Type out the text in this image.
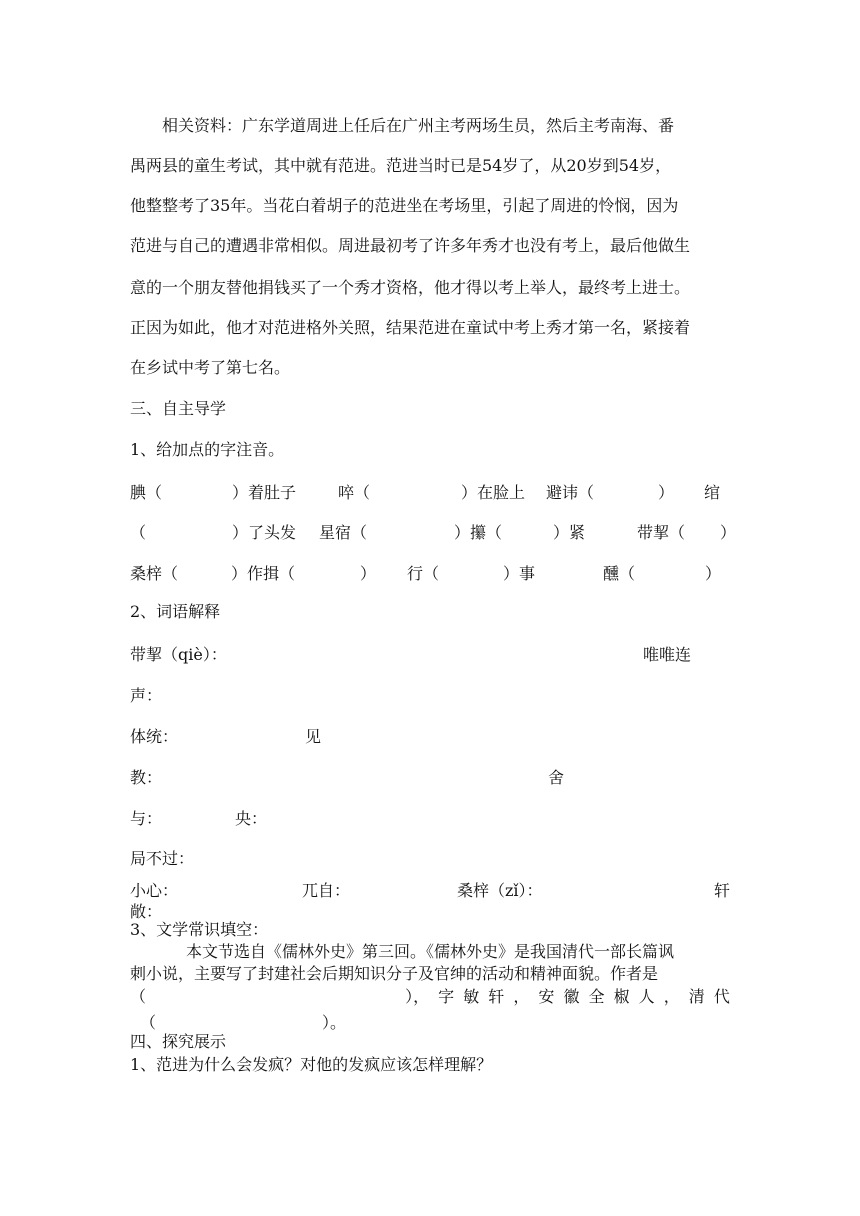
相关资料：广东学道周进上任后在广州主考两场生员，然后主考南海、番
禺两县的童生考试，其中就有范进。范进当时已是54岁了，从20岁到54岁，
他整整考了35年。当花白着胡子的范进坐在考场里，引起了周进的怜悯，因为
范进与自己的遭遇非常相似。周进最初考了许多年秀才也没有考上，最后他做生
意的一个朋友替他捐钱买了一个秀才资格，他才得以考上举人，最终考上进士。
正因为如此，他才对范进格外关照，结果范进在童试中考上秀才第一名，紧接着
在乡试中考了第七名。
三、自主导学
1、给加点的字注音。
腆（	）着肚子	啐（	）在脸上 避讳（	） 绾
（	）了头发 星宿（	）攥（	）紧	带挈（ ）
桑梓（	）作揖（	） 行（	）事	醺（	）
2、词语解释
带挈（qiè）：	唯唯连
声：
体统：	见
教：	舍
与：	央：
局不过：
小心：	兀自：	桑梓（zǐ）：	轩
敞：
3、文学常识填空：
本文节选自《儒林外史》第三回。《儒林外史》是我国清代一部长篇讽
刺小说，主要写了封建社会后期知识分子及官绅的活动和精神面貌。作者是
（	）， 字 敏 轩 ， 安 徽 全 椒 人 ， 清 代
（	）。
四、探究展示
1、范进为什么会发疯？对他的发疯应该怎样理解？
